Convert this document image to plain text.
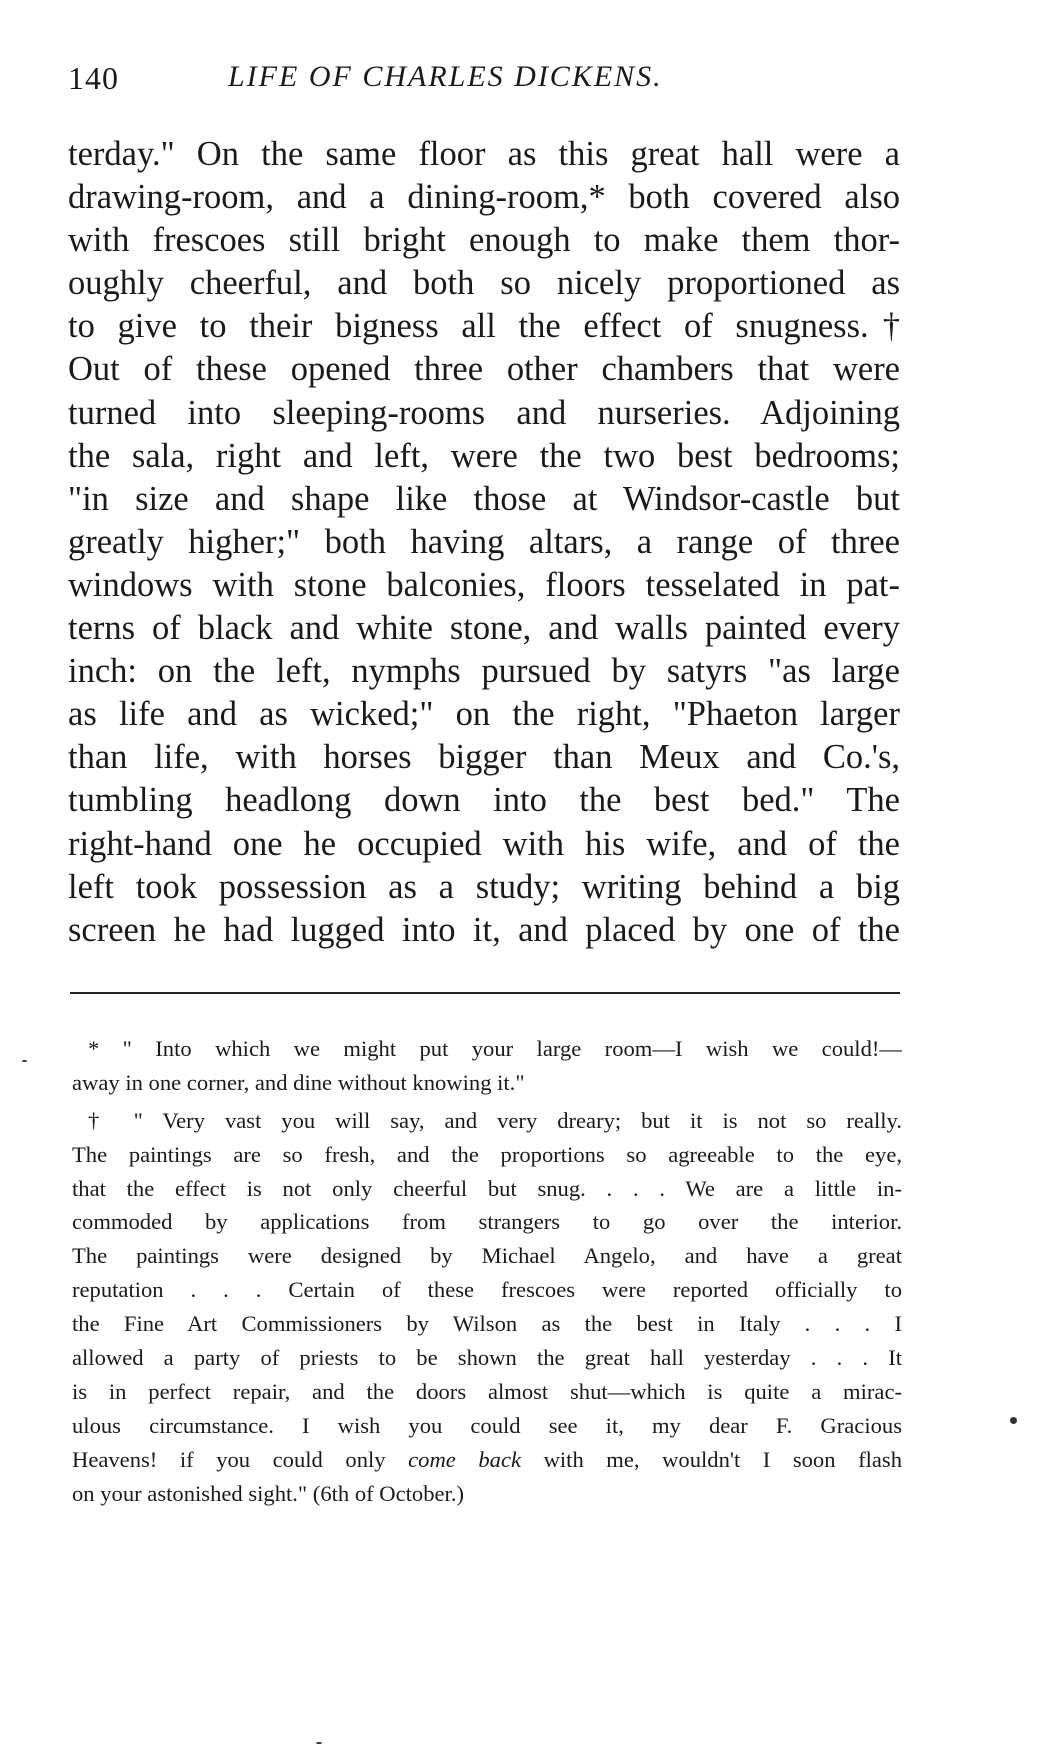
140	LIFE OF CHARLES DICKENS.
terday." On the same floor as this great hall were a
drawing-room, and a dining-room,* both covered also
with frescoes still bright enough to make them thor-
oughly cheerful, and both so nicely proportioned as
to give to their bigness all the effect of snugness.†
Out of these opened three other chambers that were
turned into sleeping-rooms and nurseries. Adjoining
the sala, right and left, were the two best bedrooms;
"in size and shape like those at Windsor-castle but
greatly higher;" both having altars, a range of three
windows with stone balconies, floors tesselated in pat-
terns of black and white stone, and walls painted every
inch: on the left, nymphs pursued by satyrs "as large
as life and as wicked;" on the right, "Phaeton larger
than life, with horses bigger than Meux and Co.'s,
tumbling headlong down into the best bed." The
right-hand one he occupied with his wife, and of the
left took possession as a study; writing behind a big
screen he had lugged into it, and placed by one of the
* " Into which we might put your large room—I wish we could!—
away in one corner, and dine without knowing it."
† " Very vast you will say, and very dreary; but it is not so really.
The paintings are so fresh, and the proportions so agreeable to the eye,
that the effect is not only cheerful but snug. . . . We are a little in-
commoded by applications from strangers to go over the interior.
The paintings were designed by Michael Angelo, and have a great
reputation . . . Certain of these frescoes were reported officially to
the Fine Art Commissioners by Wilson as the best in Italy . . . I
allowed a party of priests to be shown the great hall yesterday . . . It
is in perfect repair, and the doors almost shut—which is quite a mirac-
ulous circumstance. I wish you could see it, my dear F. Gracious
Heavens! if you could only come back with me, wouldn't I soon flash
on your astonished sight." (6th of October.)
